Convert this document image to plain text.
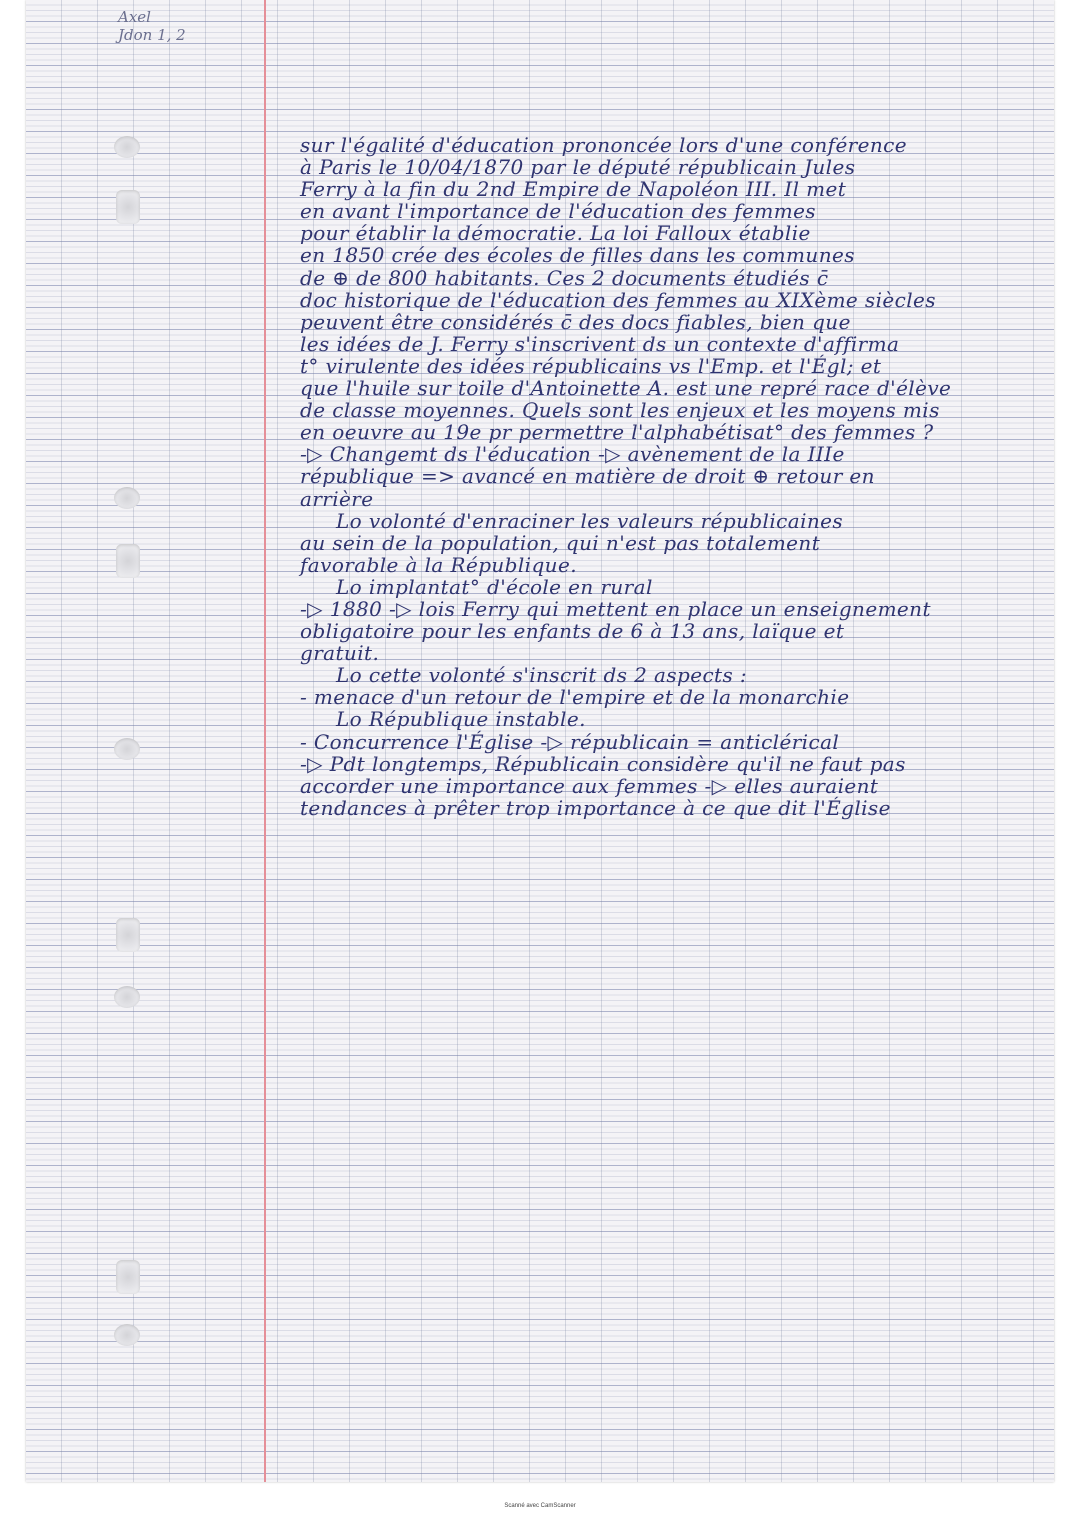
Axel
Jdon 1, 2
sur l'égalité d'éducation prononcée lors d'une conférence
à Paris le 10/04/1870 par le député républicain Jules
Ferry à la fin du 2nd Empire de Napoléon III. Il met
en avant l'importance de l'éducation des femmes
pour établir la démocratie. La loi Falloux établie
en 1850 crée des écoles de filles dans les communes
de ⊕ de 800 habitants. Ces 2 documents étudiés c̄
doc historique de l'éducation des femmes au XIXème siècles
peuvent être considérés c̄ des docs fiables, bien que
les idées de J. Ferry s'inscrivent ds un contexte d'affirma
t° virulente des idées républicains vs l'Emp. et l'Égl; et
que l'huile sur toile d'Antoinette A. est une repré race d'élève
de classe moyennes. Quels sont les enjeux et les moyens mis
en oeuvre au 19e pr permettre l'alphabétisat° des femmes ?
-▷ Changemt ds l'éducation -▷ avènement de la IIIe
république => avancé en matière de droit ⊕ retour en
arrière
Lo volonté d'enraciner les valeurs républicaines
au sein de la population, qui n'est pas totalement
favorable à la République.
Lo implantat° d'école en rural
-▷ 1880 -▷ lois Ferry qui mettent en place un enseignement
obligatoire pour les enfants de 6 à 13 ans, laïque et
gratuit.
Lo cette volonté s'inscrit ds 2 aspects :
- menace d'un retour de l'empire et de la monarchie
Lo République instable.
- Concurrence l'Église -▷ républicain = anticlérical
-▷ Pdt longtemps, Républicain considère qu'il ne faut pas
accorder une importance aux femmes -▷ elles auraient
tendances à prêter trop importance à ce que dit l'Église
Scanné avec CamScanner
